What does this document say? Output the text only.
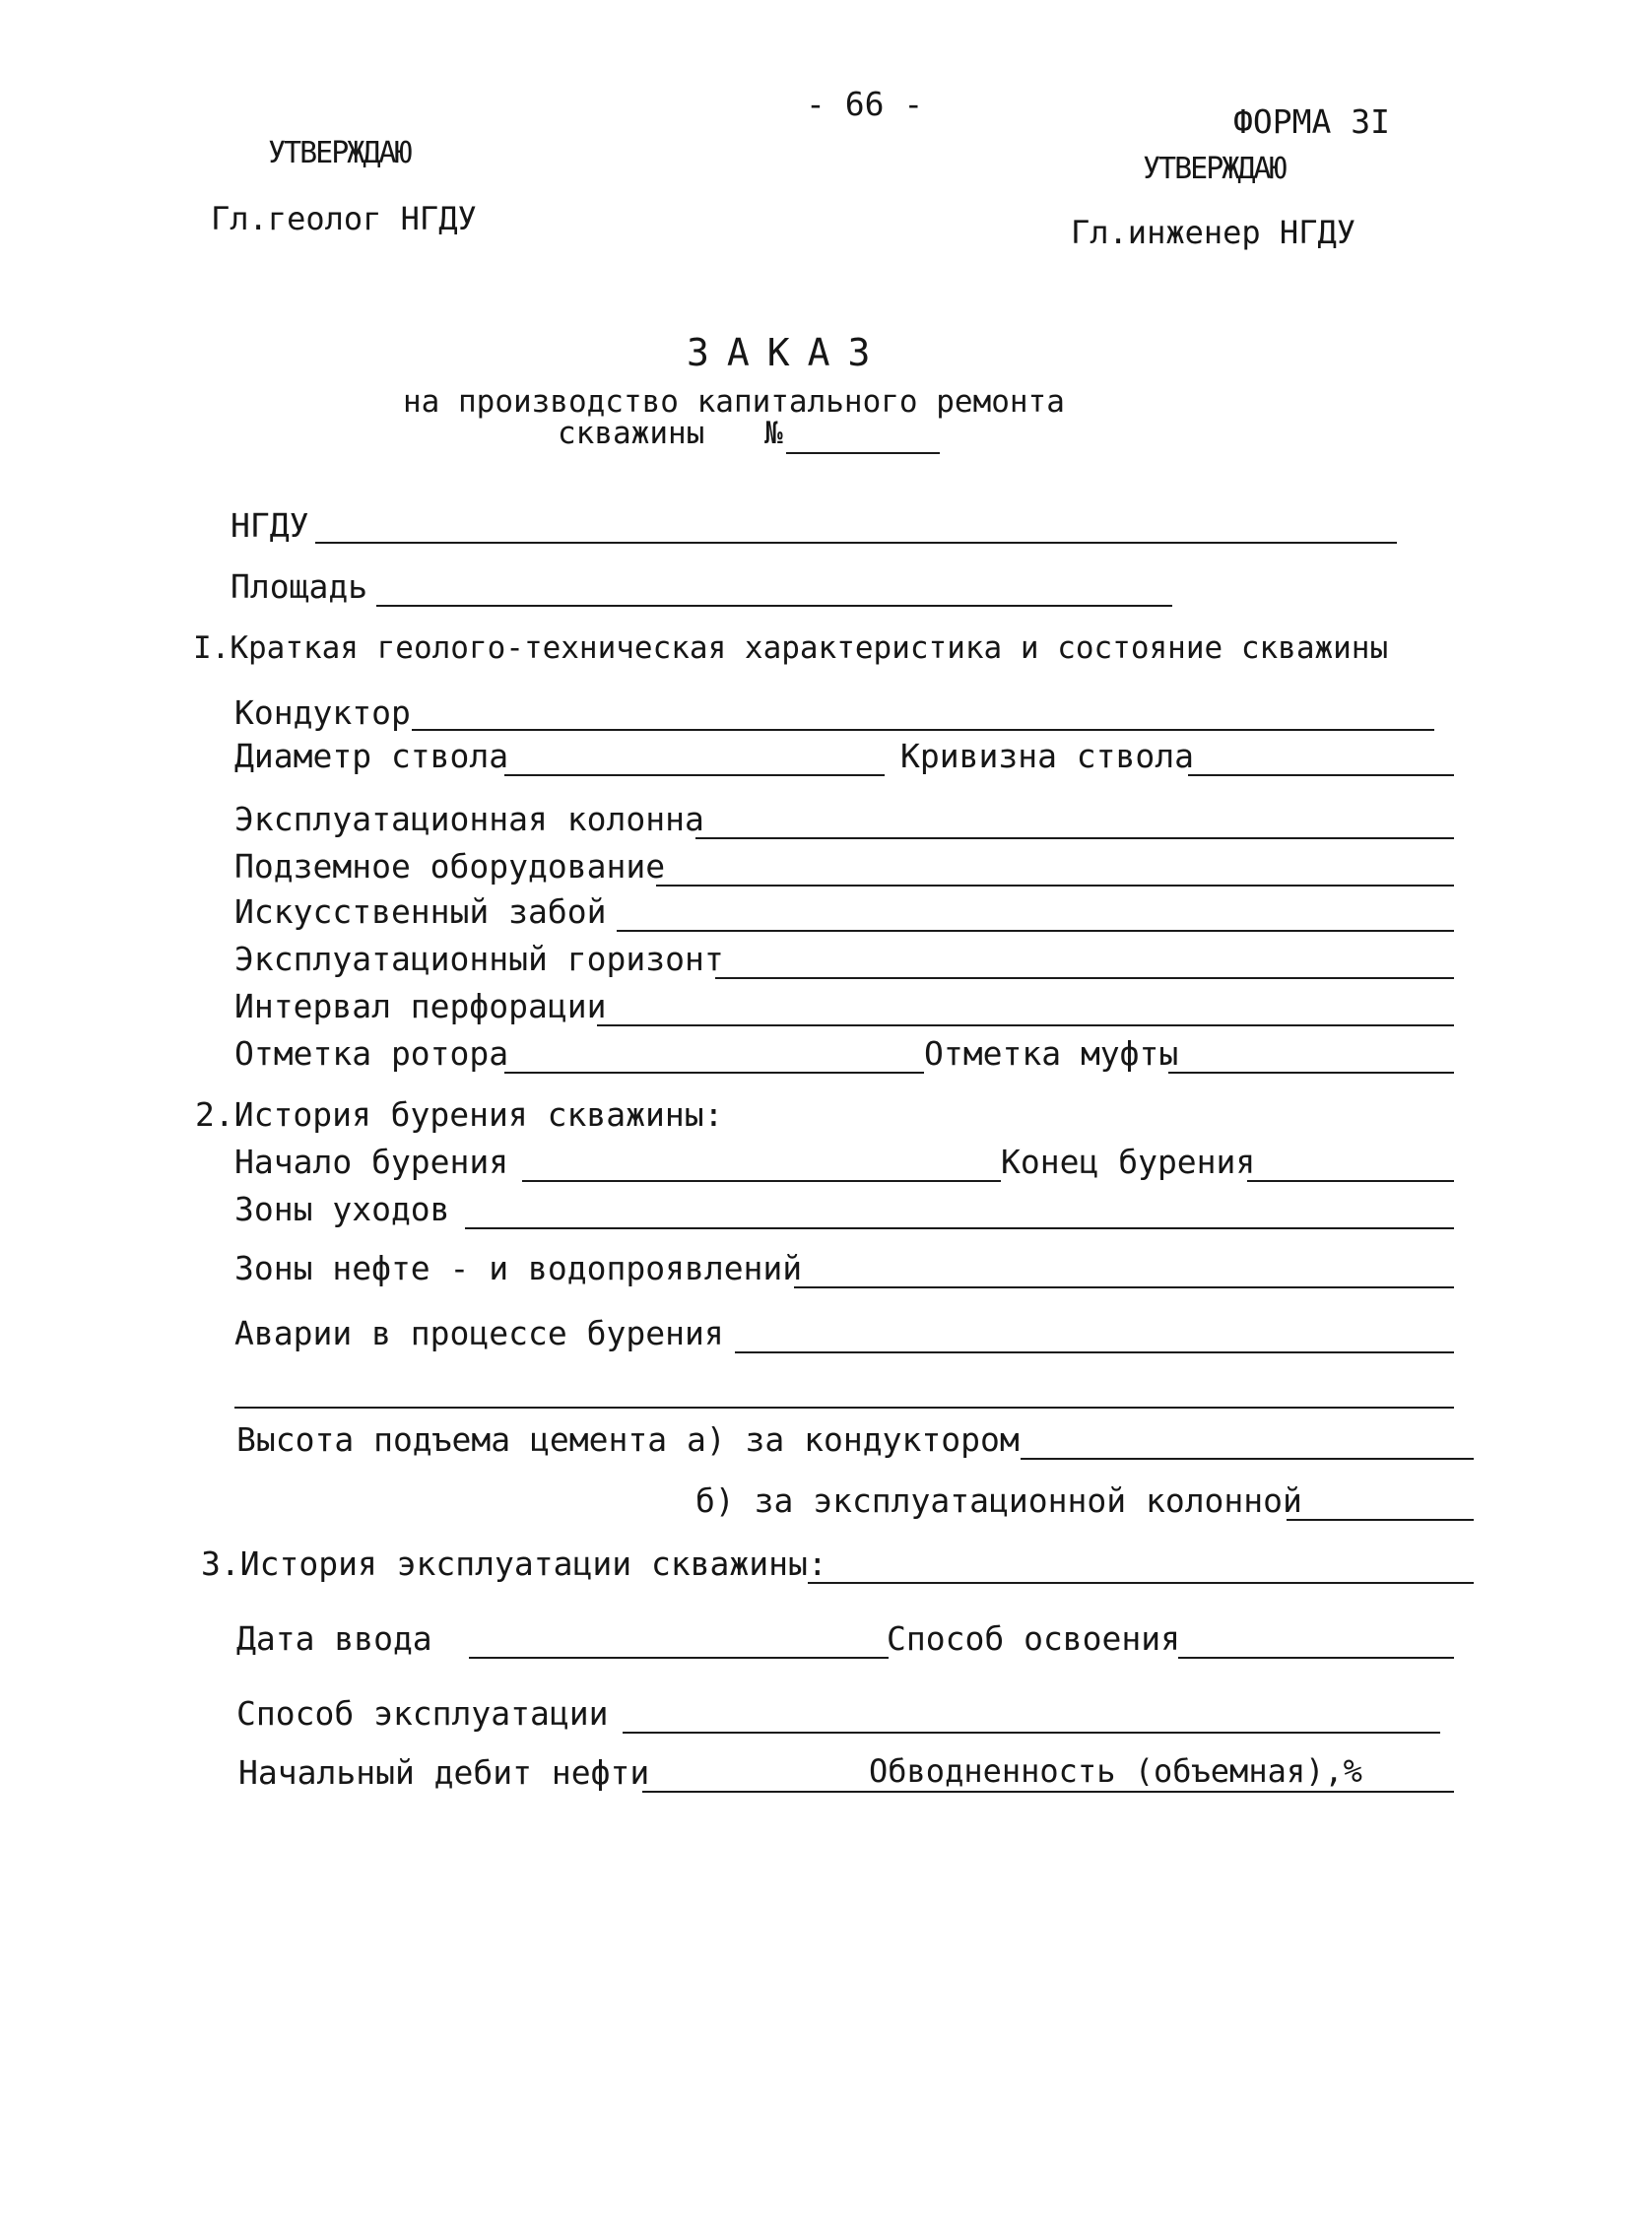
- 66 -	ФОРМА 3I
УТВЕРЖДАЮ
Гл.геолог НГДУ
УТВЕРЖДАЮ
Гл.инженер НГДУ
ЗАКАЗ
на производство капитального ремонта
скважины №
НГДУ
Площадь
I.Краткая геолого-техническая характеристика и состояние скважины
Кондуктор
Диаметр ствола	Кривизна ствола
Эксплуатационная колонна
Подземное оборудование
Искусственный забой
Эксплуатационный горизонт
Интервал перфорации
Отметка ротора	Отметка муфты
2.История бурения скважины:
Начало бурения	Конец бурения
Зоны уходов
Зоны нефте - и водопроявлений
Аварии в процессе бурения
Высота подъема цемента а) за кондуктором
б) за эксплуатационной колонной
3.История эксплуатации скважины:
Дата ввода	Способ освоения
Способ эксплуатации
Начальный дебит нефти	Обводненность (объемная),%
